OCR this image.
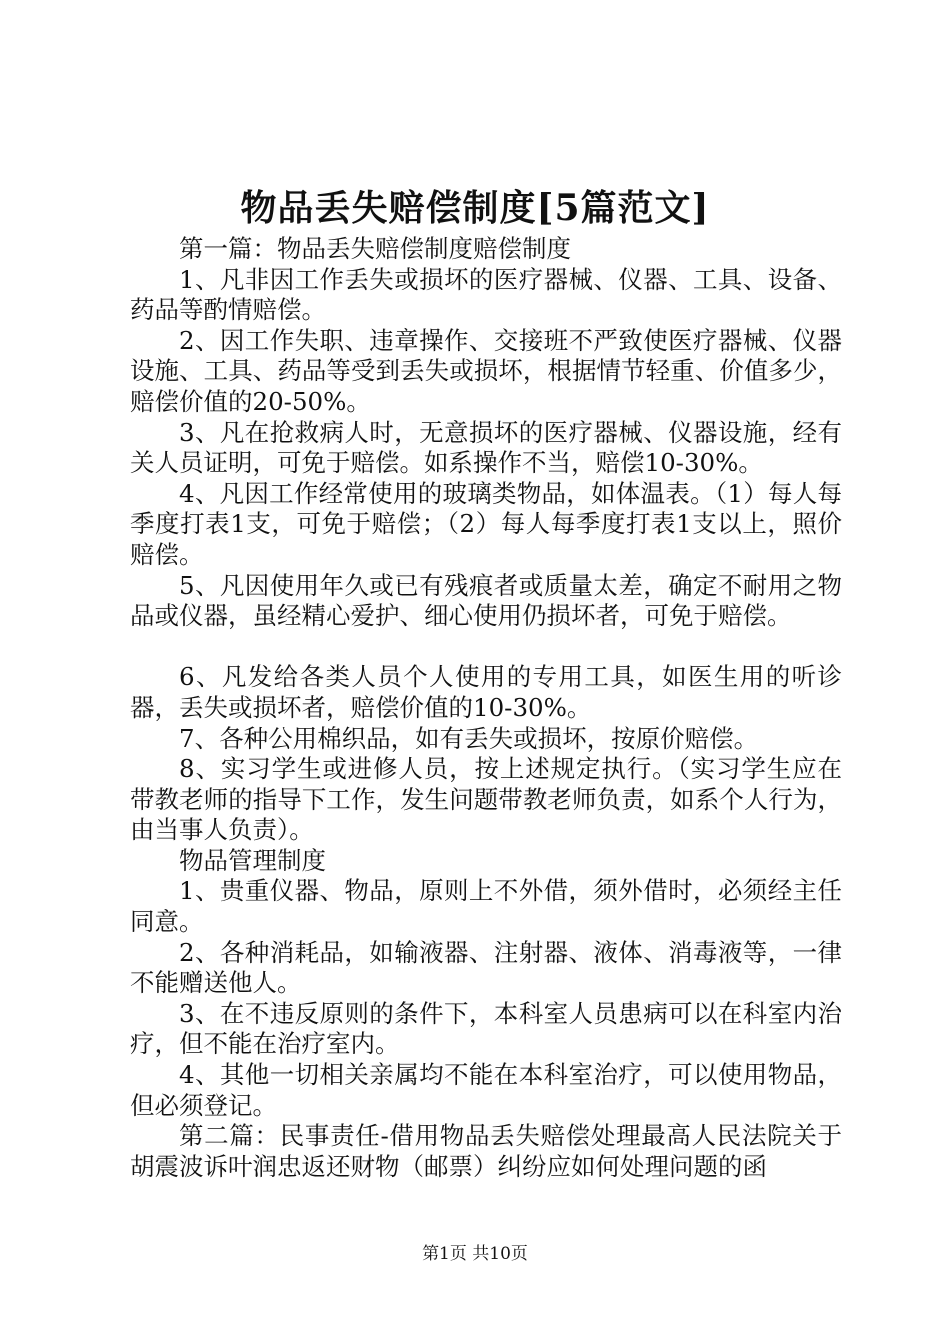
物品丢失赔偿制度[5篇范文]

第一篇：物品丢失赔偿制度赔偿制度

1、凡非因工作丢失或损坏的医疗器械、仪器、工具、设备、药品等酌情赔偿。

2、因工作失职、违章操作、交接班不严致使医疗器械、仪器设施、工具、药品等受到丢失或损坏，根据情节轻重、价值多少，赔偿价值的20-50%。

3、凡在抢救病人时，无意损坏的医疗器械、仪器设施，经有关人员证明，可免于赔偿。如系操作不当，赔偿10-30%。

4、凡因工作经常使用的玻璃类物品，如体温表。（1）每人每季度打表1支，可免于赔偿；（2）每人每季度打表1支以上，照价赔偿。

5、凡因使用年久或已有残痕者或质量太差，确定不耐用之物品或仪器，虽经精心爱护、细心使用仍损坏者，可免于赔偿。

6、凡发给各类人员个人使用的专用工具，如医生用的听诊器，丢失或损坏者，赔偿价值的10-30%。

7、各种公用棉织品，如有丢失或损坏，按原价赔偿。

8、实习学生或进修人员，按上述规定执行。（实习学生应在带教老师的指导下工作，发生问题带教老师负责，如系个人行为，由当事人负责）。

物品管理制度

1、贵重仪器、物品，原则上不外借，须外借时，必须经主任同意。

2、各种消耗品，如输液器、注射器、液体、消毒液等，一律不能赠送他人。

3、在不违反原则的条件下，本科室人员患病可以在科室内治疗，但不能在治疗室内。

4、其他一切相关亲属均不能在本科室治疗，可以使用物品，但必须登记。

第二篇：民事责任-借用物品丢失赔偿处理最高人民法院关于胡震波诉叶润忠返还财物（邮票）纠纷应如何处理问题的函

第1页 共10页
